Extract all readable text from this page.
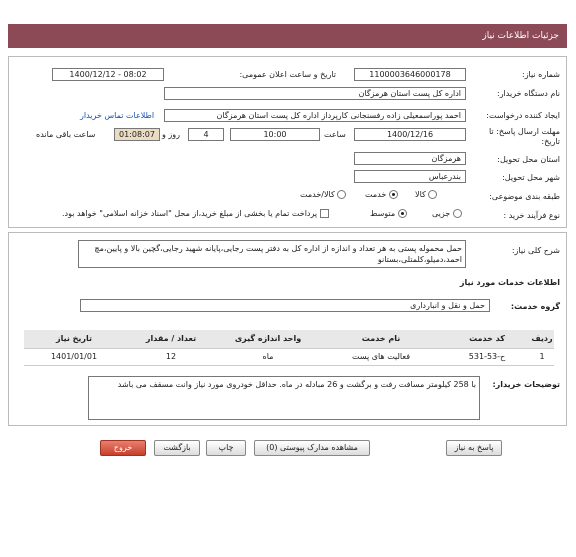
جزئیات اطلاعات نیاز
شماره نیاز:
1100003646000178
تاریخ و ساعت اعلان عمومی:
1400/12/12 - 08:02
نام دستگاه خریدار:
اداره کل پست استان هرمزگان
ایجاد کننده درخواست:
احمد پوراسمعیلی زاده رفسنجانی کارپرداز اداره کل پست استان هرمزگان
اطلاعات تماس خریدار
مهلت ارسال پاسخ: تا تاریخ:
1400/12/16
ساعت
10:00
4
روز و
01:08:07
ساعت باقی مانده
استان محل تحویل:
هرمزگان
شهر محل تحویل:
بندرعباس
طبقه بندی موضوعی:
کالا
خدمت
کالا/خدمت
نوع فرآیند خرید :
جزیی
متوسط
پرداخت تمام یا بخشی از مبلغ خرید،از محل "اسناد خزانه اسلامی" خواهد بود.
شرح کلی نیاز:
حمل محموله پستی به هر تعداد و اندازه از اداره کل به دفتر پست رجایی،پایانه شهید رجایی،گچین بالا و پایین،مچ احمد،دمیلو،کلمتلی،بستانو
اطلاعات خدمات مورد نیاز
گروه خدمت:
حمل و نقل و انبارداری
ردیف	کد خدمت	نام خدمت	واحد اندازه گیری	تعداد / مقدار	تاریخ نیاز
1	ح-53-531	فعالیت های پست	ماه	12	1401/01/01
توضیحات خریدار:
با 258 کیلومتر مسافت رفت و برگشت و 26 مبادله در ماه. حداقل خودروی مورد نیاز وانت مسقف می باشد
پاسخ به نیاز
مشاهده مدارک پیوستی (0)
چاپ
بازگشت
خروج
